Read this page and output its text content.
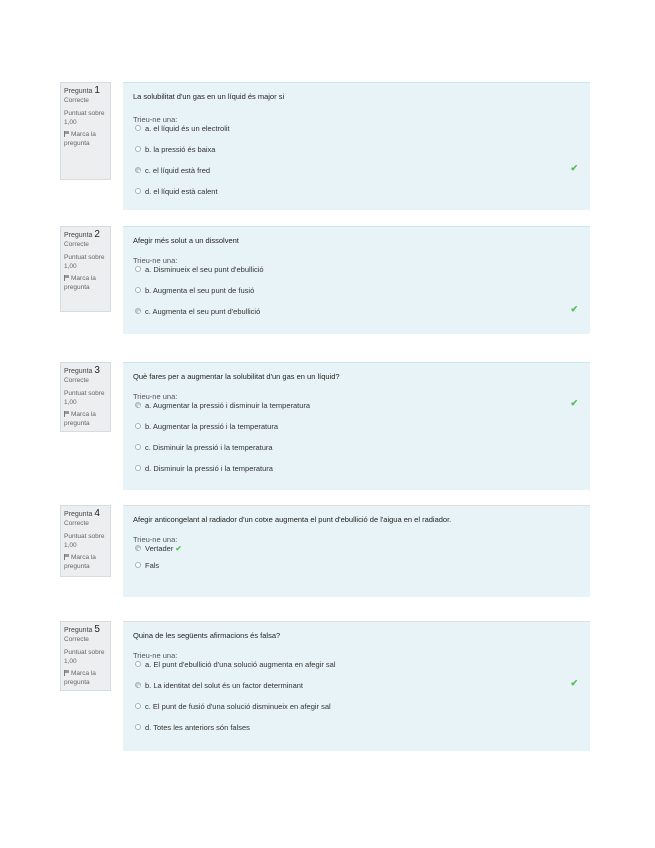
Pregunta 1
Correcte
Puntuat sobre
1,00
Marca la
pregunta
La solubilitat d'un gas en un líquid és major si
Trieu-ne una:
a. el líquid és un electrolit
b. la pressió és baixa
c. el líquid està fred	✔
d. el líquid està calent
Pregunta 2
Correcte
Puntuat sobre
1,00
Marca la
pregunta
Afegir més solut a un dissolvent
Trieu-ne una:
a. Disminueix el seu punt d'ebullició
b. Augmenta el seu punt de fusió
c. Augmenta el seu punt d'ebullició	✔
Pregunta 3
Correcte
Puntuat sobre
1,00
Marca la
pregunta
Què fares per a augmentar la solubilitat d'un gas en un líquid?
Trieu-ne una:
a. Augmentar la pressió i disminuir la temperatura	✔
b. Augmentar la pressió i la temperatura
c. Disminuir la pressió i la temperatura
d. Disminuir la pressió i la temperatura
Pregunta 4
Correcte
Puntuat sobre
1,00
Marca la
pregunta
Afegir anticongelant al radiador d'un cotxe augmenta el punt d'ebullició de l'aigua en el radiador.
Trieu-ne una:
Vertader ✔
Fals
Pregunta 5
Correcte
Puntuat sobre
1,00
Marca la
pregunta
Quina de les següents afirmacions és falsa?
Trieu-ne una:
a. El punt d'ebullició d'una solució augmenta en afegir sal
b. La identitat del solut és un factor determinant	✔
c. El punt de fusió d'una solució disminueix en afegir sal
d. Totes les anteriors són falses
